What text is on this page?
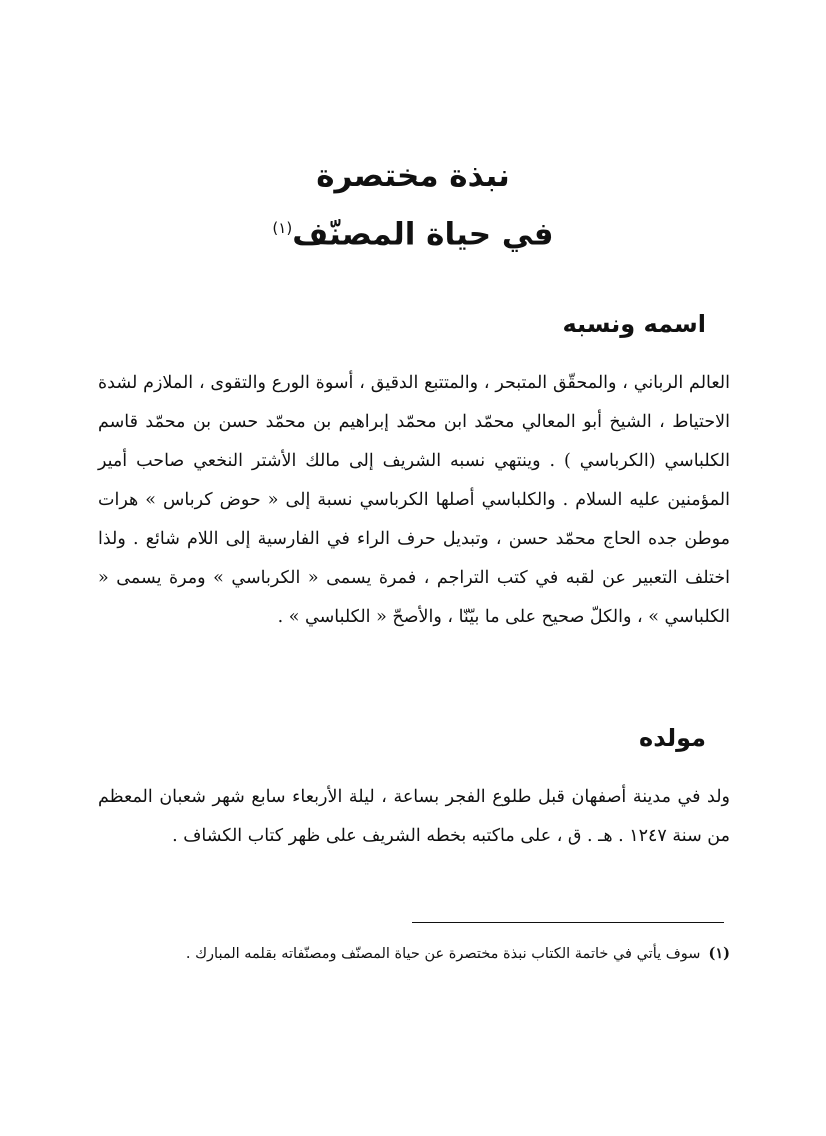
نبذة مختصرة

في حياة المصنّف$^{(١)}$

اسمه ونسبه

العالم الرباني ، والمحقّق المتبحر ، والمتتبع الدقيق ، أسوة الورع والتقوى ، الملازم لشدة الاحتياط ، الشيخ أبو المعالي محمّد ابن محمّد إبراهيم بن محمّد حسن بن محمّد قاسم الكلباسي (الكرباسي ) . وينتهي نسبه الشريف إلى مالك الأشتر النخعي صاحب أمير المؤمنين عليه السلام . والكلباسي أصلها الكرباسي نسبة إلى « حوض كرباس » هرات موطن جده الحاج محمّد حسن ، وتبديل حرف الراء في الفارسية إلى اللام شائع . ولذا اختلف التعبير عن لقبه في كتب التراجم ، فمرة يسمى « الكرباسي » ومرة يسمى « الكلباسي » ، والكلّ صحيح على ما بيّنّا ، والأصحّ « الكلباسي » .

مولده

ولد في مدينة أصفهان قبل طلوع الفجر بساعة ، ليلة الأربعاء سابع شهر شعبان المعظم من سنة ١٢٤٧ . هـ . ق ، على ماكتبه بخطه الشريف على ظهر كتاب الكشاف .

(١)سوف يأتي في خاتمة الكتاب نبذة مختصرة عن حياة المصنّف ومصنّفاته بقلمه المبارك .
